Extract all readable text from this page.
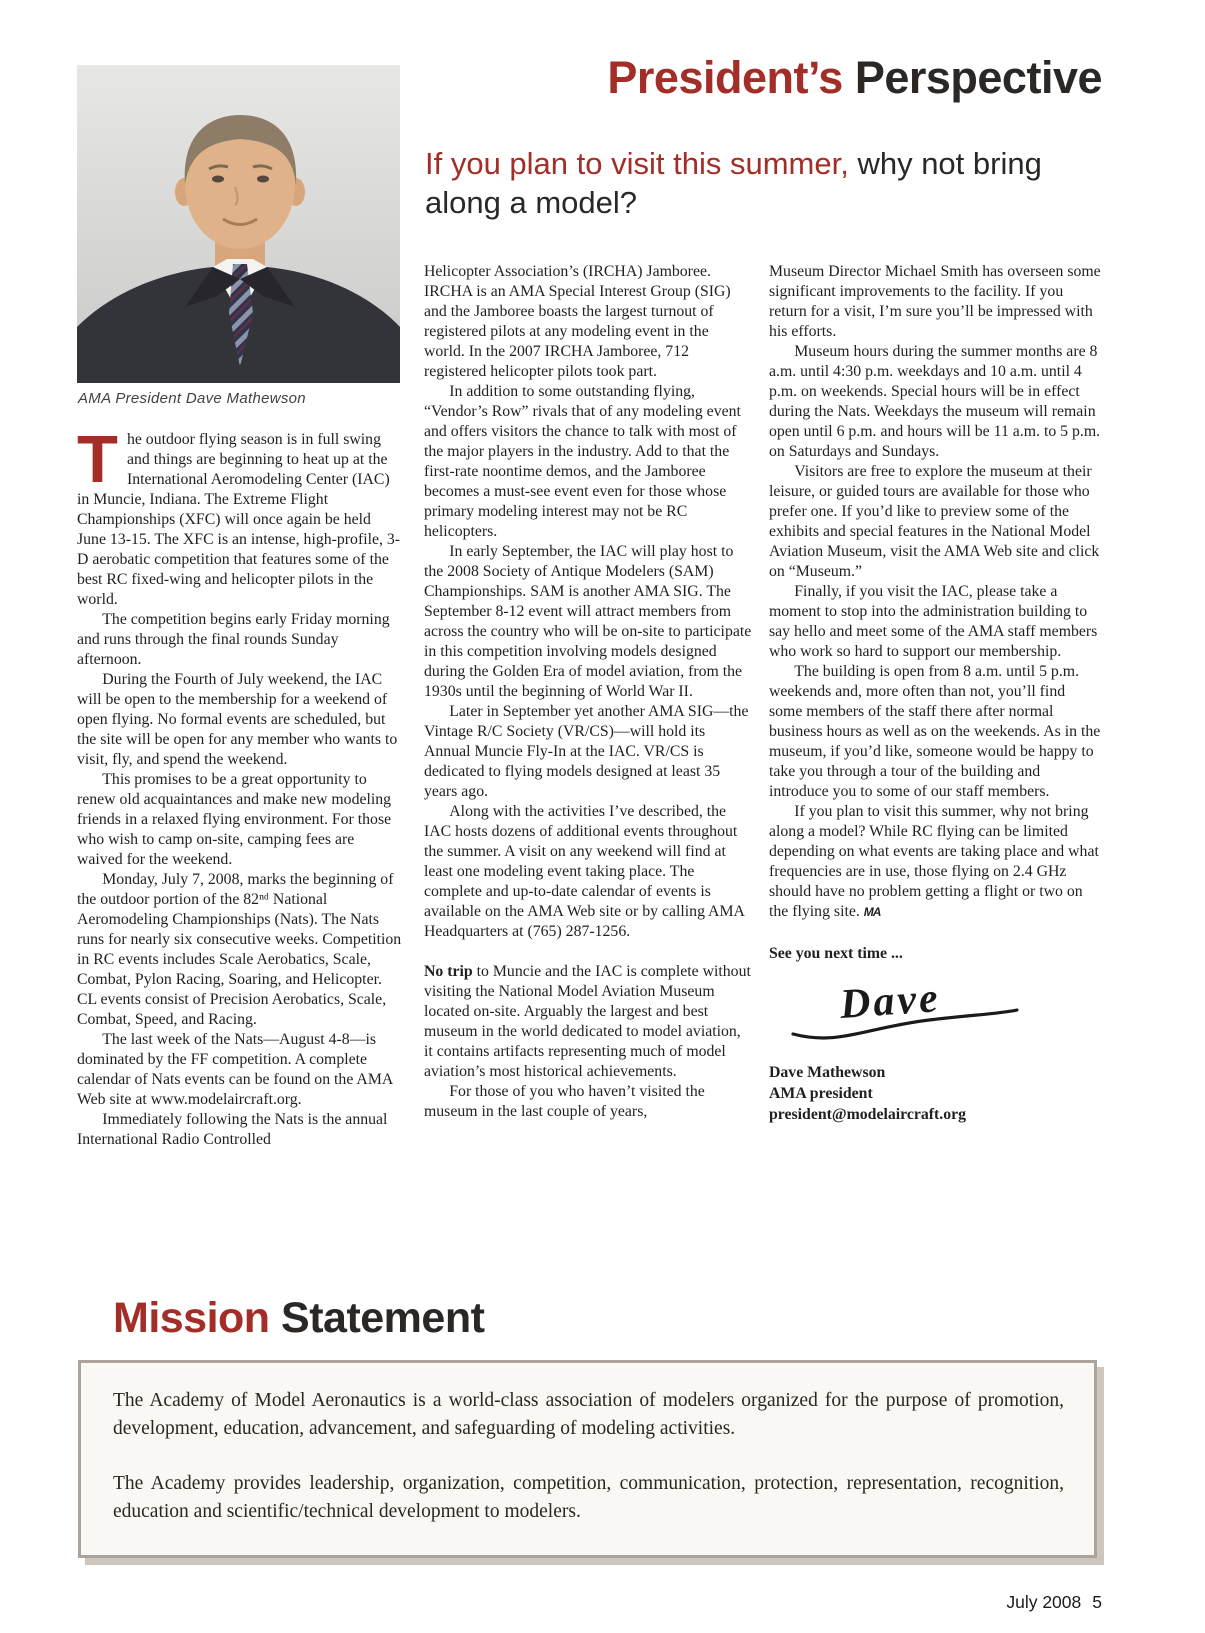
President’s Perspective

If you plan to visit this summer, why not bring along a model?

AMA President Dave Mathewson

The outdoor flying season is in full swing and things are beginning to heat up at the International Aeromodeling Center (IAC) in Muncie, Indiana. The Extreme Flight Championships (XFC) will once again be held June 13-15. The XFC is an intense, high-profile, 3-D aerobatic competition that features some of the best RC fixed-wing and helicopter pilots in the world.

The competition begins early Friday morning and runs through the final rounds Sunday afternoon.

During the Fourth of July weekend, the IAC will be open to the membership for a weekend of open flying. No formal events are scheduled, but the site will be open for any member who wants to visit, fly, and spend the weekend.

This promises to be a great opportunity to renew old acquaintances and make new modeling friends in a relaxed flying environment. For those who wish to camp on-site, camping fees are waived for the weekend.

Monday, July 7, 2008, marks the beginning of the outdoor portion of the 82ⁿᵈ National Aeromodeling Championships (Nats). The Nats runs for nearly six consecutive weeks. Competition in RC events includes Scale Aerobatics, Scale, Combat, Pylon Racing, Soaring, and Helicopter. CL events consist of Precision Aerobatics, Scale, Combat, Speed, and Racing.

The last week of the Nats—August 4-8—is dominated by the FF competition. A complete calendar of Nats events can be found on the AMA Web site at www.modelaircraft.org.

Immediately following the Nats is the annual International Radio Controlled

Helicopter Association’s (IRCHA) Jamboree. IRCHA is an AMA Special Interest Group (SIG) and the Jamboree boasts the largest turnout of registered pilots at any modeling event in the world. In the 2007 IRCHA Jamboree, 712 registered helicopter pilots took part.

In addition to some outstanding flying, “Vendor’s Row” rivals that of any modeling event and offers visitors the chance to talk with most of the major players in the industry. Add to that the first-rate noontime demos, and the Jamboree becomes a must-see event even for those whose primary modeling interest may not be RC helicopters.

In early September, the IAC will play host to the 2008 Society of Antique Modelers (SAM) Championships. SAM is another AMA SIG. The September 8-12 event will attract members from across the country who will be on-site to participate in this competition involving models designed during the Golden Era of model aviation, from the 1930s until the beginning of World War II.

Later in September yet another AMA SIG—the Vintage R/C Society (VR/CS)—will hold its Annual Muncie Fly-In at the IAC. VR/CS is dedicated to flying models designed at least 35 years ago.

Along with the activities I’ve described, the IAC hosts dozens of additional events throughout the summer. A visit on any weekend will find at least one modeling event taking place. The complete and up-to-date calendar of events is available on the AMA Web site or by calling AMA Headquarters at (765) 287-1256.

No trip to Muncie and the IAC is complete without visiting the National Model Aviation Museum located on-site. Arguably the largest and best museum in the world dedicated to model aviation, it contains artifacts representing much of model aviation’s most historical achievements.

For those of you who haven’t visited the museum in the last couple of years,

Museum Director Michael Smith has overseen some significant improvements to the facility. If you return for a visit, I’m sure you’ll be impressed with his efforts.

Museum hours during the summer months are 8 a.m. until 4:30 p.m. weekdays and 10 a.m. until 4 p.m. on weekends. Special hours will be in effect during the Nats. Weekdays the museum will remain open until 6 p.m. and hours will be 11 a.m. to 5 p.m. on Saturdays and Sundays.

Visitors are free to explore the museum at their leisure, or guided tours are available for those who prefer one. If you’d like to preview some of the exhibits and special features in the National Model Aviation Museum, visit the AMA Web site and click on “Museum.”

Finally, if you visit the IAC, please take a moment to stop into the administration building to say hello and meet some of the AMA staff members who work so hard to support our membership.

The building is open from 8 a.m. until 5 p.m. weekends and, more often than not, you’ll find some members of the staff there after normal business hours as well as on the weekends. As in the museum, if you’d like, someone would be happy to take you through a tour of the building and introduce you to some of our staff members.

If you plan to visit this summer, why not bring along a model? While RC flying can be limited depending on what events are taking place and what frequencies are in use, those flying on 2.4 GHz should have no problem getting a flight or two on the flying site. MA

See you next time ...

Dave

Dave Mathewson

AMA president

president@modelaircraft.org

Mission Statement

The Academy of Model Aeronautics is a world-class association of modelers organized for the purpose of promotion, development, education, advancement, and safeguarding of modeling activities.

The Academy provides leadership, organization, competition, communication, protection, representation, recognition, education and scientific/technical development to modelers.

July 2008 5
